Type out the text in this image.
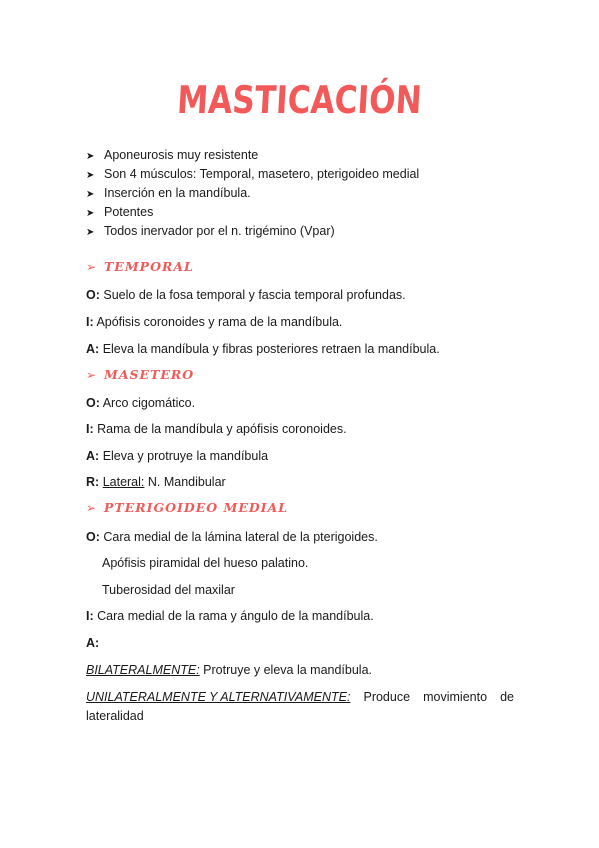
MASTICACIÓN
➤ Aponeurosis muy resistente
➤ Son 4 músculos: Temporal, masetero, pterigoideo medial
➤ Inserción en la mandíbula.
➤ Potentes
➤ Todos inervador por el n. trigémino (Vpar)
➢ TEMPORAL
O: Suelo de la fosa temporal y fascia temporal profundas.
I: Apófisis coronoides y rama de la mandíbula.
A: Eleva la mandíbula y fibras posteriores retraen la mandíbula.
➢ MASETERO
O: Arco cigomático.
I: Rama de la mandíbula y apófisis coronoides.
A: Eleva y protruye la mandíbula
R: Lateral: N. Mandibular
➢ PTERIGOIDEO MEDIAL
O: Cara medial de la lámina lateral de la pterigoides.
Apófisis piramidal del hueso palatino.
Tuberosidad del maxilar
I: Cara medial de la rama y ángulo de la mandíbula.
A:
BILATERALMENTE: Protruye y eleva la mandíbula.
UNILATERALMENTE Y ALTERNATIVAMENTE: Produce movimiento de
lateralidad
